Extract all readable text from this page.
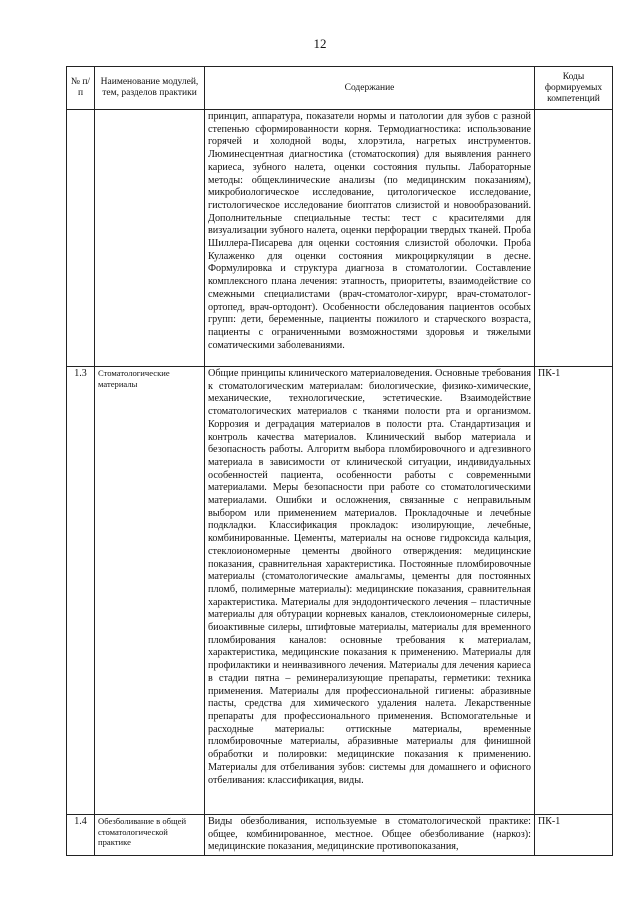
12
№ п/п	Наименование модулей, тем, разделов практики	Содержание	Коды формируемых компетенций
		принцип, аппаратура, показатели нормы и патологии для зубов с разной степенью сформированности корня. Термодиагностика: использование горячей и холодной воды, хлорэтила, нагретых инструментов. Люминесцентная диагностика (стоматоскопия) для выявления раннего кариеса, зубного налета, оценки состояния пульпы. Лабораторные методы: общеклинические анализы (по медицинским показаниям), микробиологическое исследование, цитологическое исследование, гистологическое исследование биоптатов слизистой и новообразований. Дополнительные специальные тесты: тест с красителями для визуализации зубного налета, оценки перфорации твердых тканей. Проба Шиллера-Писарева для оценки состояния слизистой оболочки. Проба Кулаженко для оценки состояния микроциркуляции в десне. Формулировка и структура диагноза в стоматологии. Составление комплексного плана лечения: этапность, приоритеты, взаимодействие со смежными специалистами (врач-стоматолог-хирург, врач-стоматолог-ортопед, врач-ортодонт). Особенности обследования пациентов особых групп: дети, беременные, пациенты пожилого и старческого возраста, пациенты с ограниченными возможностями здоровья и тяжелыми соматическими заболеваниями.	
1.3	Стоматологические материалы	Общие принципы клинического материаловедения. Основные требования к стоматологическим материалам: биологические, физико-химические, механические, технологические, эстетические. Взаимодействие стоматологических материалов с тканями полости рта и организмом. Коррозия и деградация материалов в полости рта. Стандартизация и контроль качества материалов. Клинический выбор материала и безопасность работы. Алгоритм выбора пломбировочного и адгезивного материала в зависимости от клинической ситуации, индивидуальных особенностей пациента, особенности работы с современными материалами. Меры безопасности при работе со стоматологическими материалами. Ошибки и осложнения, связанные с неправильным выбором или применением материалов. Прокладочные и лечебные подкладки. Классификация прокладок: изолирующие, лечебные, комбинированные. Цементы, материалы на основе гидроксида кальция, стеклоиономерные цементы двойного отверждения: медицинские показания, сравнительная характеристика. Постоянные пломбировочные материалы (стоматологические амальгамы, цементы для постоянных пломб, полимерные материалы): медицинские показания, сравнительная характеристика. Материалы для эндодонтического лечения – пластичные материалы для обтурации корневых каналов, стеклоиономерные силеры, биоактивные силеры, штифтовые материалы, материалы для временного пломбирования каналов: основные требования к материалам, характеристика, медицинские показания к применению. Материалы для профилактики и неинвазивного лечения. Материалы для лечения кариеса в стадии пятна – реминерализующие препараты, герметики: техника применения. Материалы для профессиональной гигиены: абразивные пасты, средства для химического удаления налета. Лекарственные препараты для профессионального применения. Вспомогательные и расходные материалы: оттискные материалы, временные пломбировочные материалы, абразивные материалы для финишной обработки и полировки: медицинские показания к применению. Материалы для отбеливания зубов: системы для домашнего и офисного отбеливания: классификация, виды.	ПК-1
1.4	Обезболивание в общей стоматологической практике	Виды обезболивания, используемые в стоматологической практике: общее, комбинированное, местное. Общее обезболивание (наркоз): медицинские показания, медицинские противопоказания,	ПК-1
